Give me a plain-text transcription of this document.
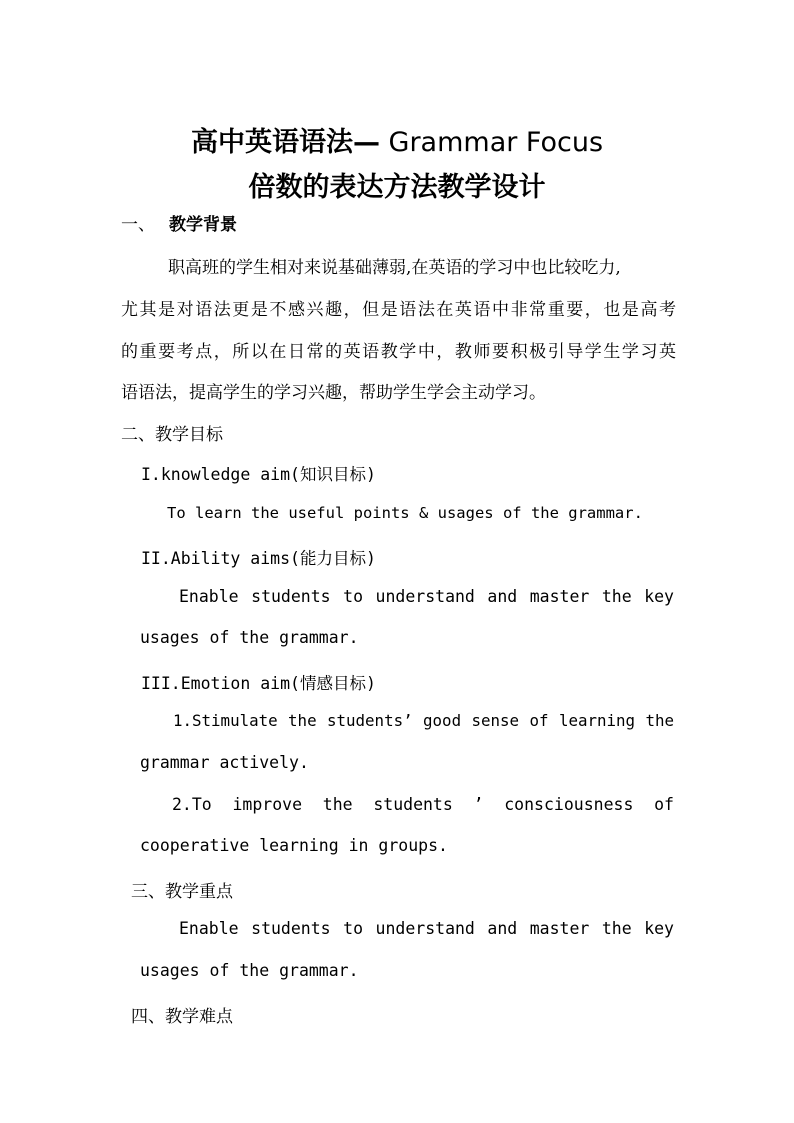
高中英语语法— Grammar Focus
倍数的表达方法教学设计
一、 教学背景
职高班的学生相对来说基础薄弱,在英语的学习中也比较吃力,
尤其是对语法更是不感兴趣，但是语法在英语中非常重要，也是高考
的重要考点，所以在日常的英语教学中，教师要积极引导学生学习英
语语法，提高学生的学习兴趣，帮助学生学会主动学习。
二、教学目标
I.knowledge aim(知识目标)
To learn the useful points & usages of the grammar.
II.Ability aims(能力目标)
Enable students to understand and master the key
usages of the grammar.
III.Emotion aim(情感目标)
1.Stimulate the students’ good sense of learning the
grammar actively.
2.To improve the students ’ consciousness of
cooperative learning in groups.
三、教学重点
Enable students to understand and master the key
usages of the grammar.
四、教学难点
